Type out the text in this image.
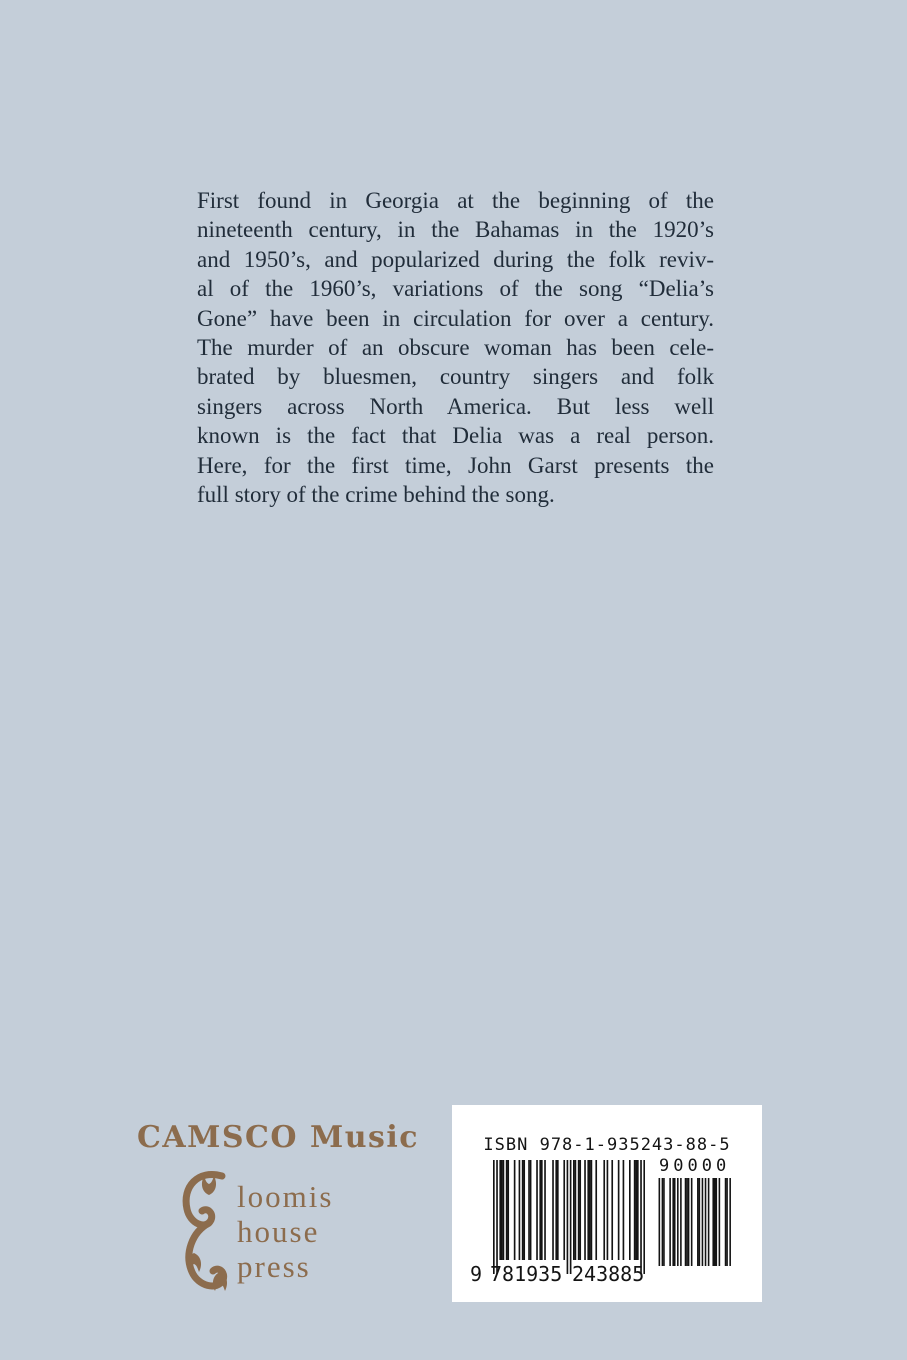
First found in Georgia at the beginning of the
nineteenth century, in the Bahamas in the 1920’s
and 1950’s, and popularized during the folk reviv-
al of the 1960’s, variations of the song “Delia’s
Gone” have been in circulation for over a century.
The murder of an obscure woman has been cele-
brated by bluesmen, country singers and folk
singers across North America. But less well
known is the fact that Delia was a real person.
Here, for the first time, John Garst presents the
full story of the crime behind the song.
CAMSCO Music
loomis
house
press
ISBN 978-1-935243-88-5
90000
9 781935 243885
